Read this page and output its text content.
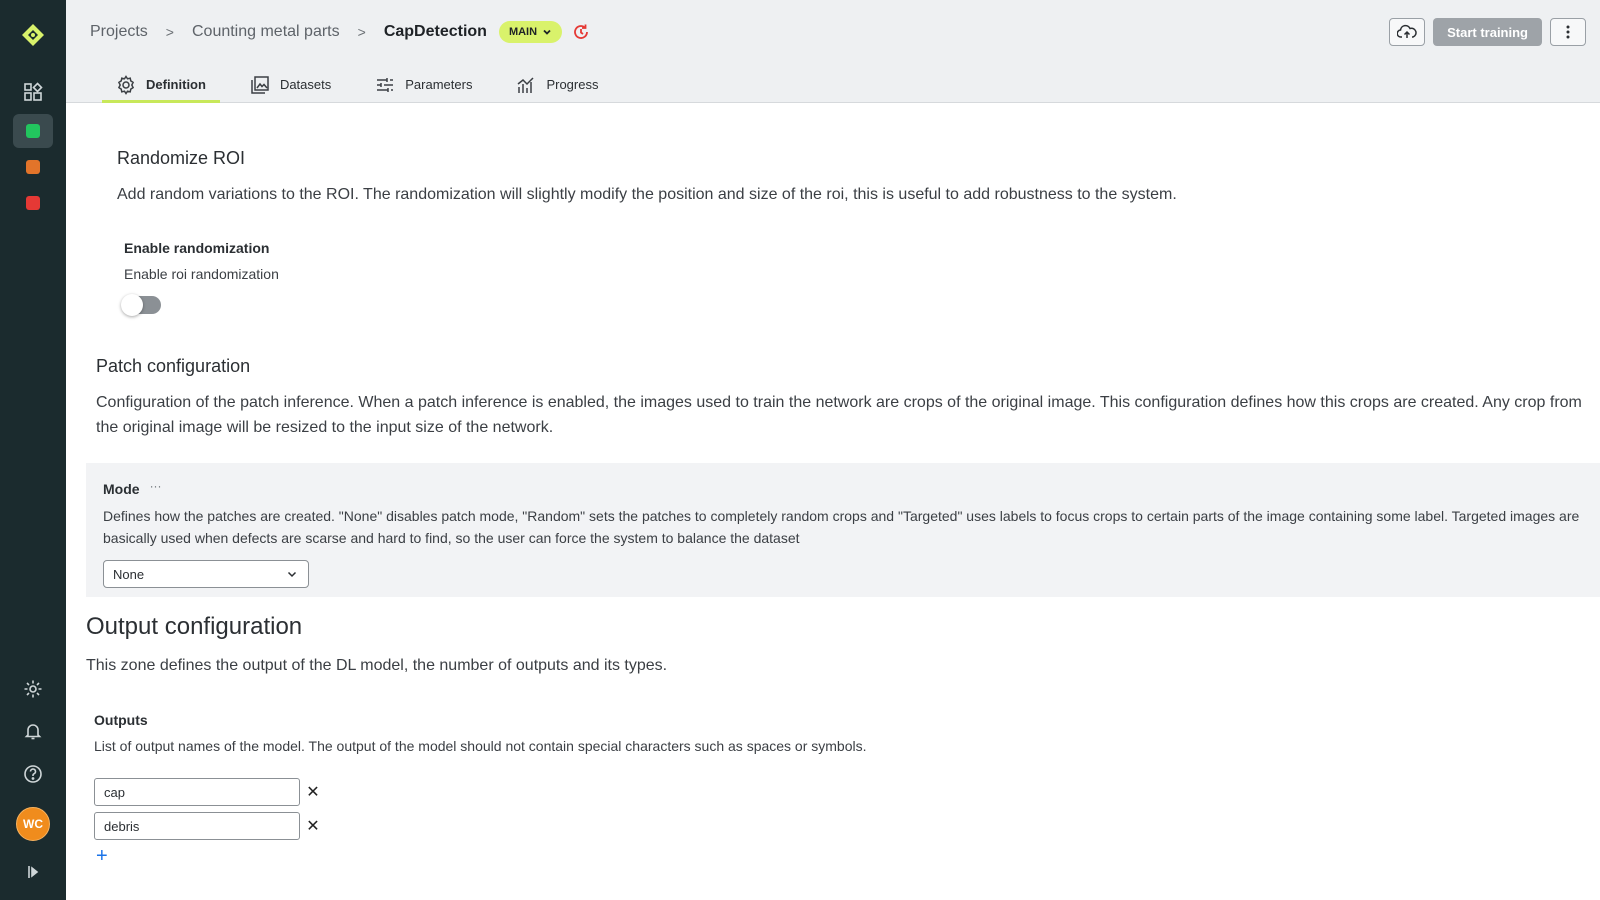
WC
Projects > Counting metal parts > CapDetection MAIN	Start training
Definition	Datasets	Parameters	Progress
Randomize ROI

Add random variations to the ROI. The randomization will slightly modify the position and size of the roi, this is useful to add robustness to the system.

Enable randomization
Enable roi randomization
Patch configuration

Configuration of the patch inference. When a patch inference is enabled, the images used to train the network are crops of the original image. This configuration defines how this crops are created. Any crop from

the original image will be resized to the input size of the network.

Mode ···
Defines how the patches are created. "None" disables patch mode, "Random" sets the patches to completely random crops and "Targeted" uses labels to focus crops to certain parts of the image containing some label. Targeted images are
basically used when defects are scarse and hard to find, so the user can force the system to balance the dataset
None
Output configuration

This zone defines the output of the DL model, the number of outputs and its types.

Outputs
List of output names of the model. The output of the model should not contain special characters such as spaces or symbols.
cap	✕
debris	✕
+
